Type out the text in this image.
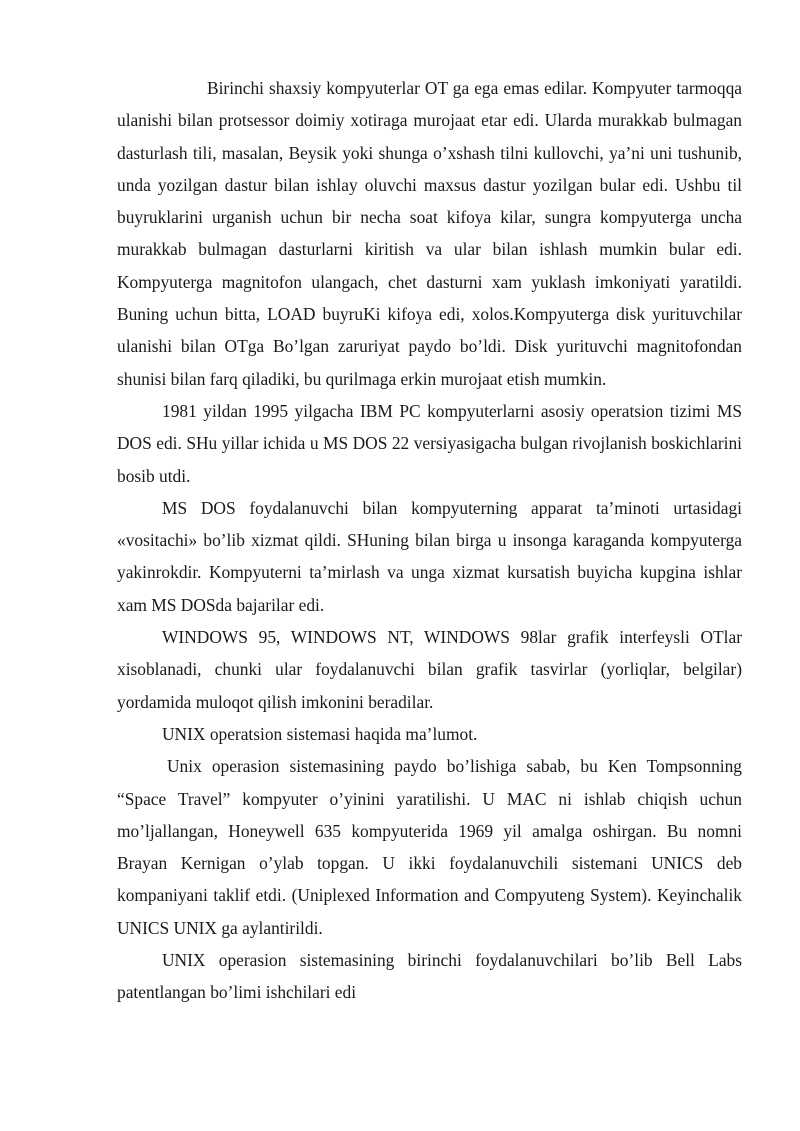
Birinchi shaxsiy kompyuterlar OT ga ega emas edilar. Kompyuter tarmoqqa ulanishi bilan protsessor doimiy xotiraga murojaat etar edi. Ularda murakkab bulmagan dasturlash tili, masalan, Beysik yoki shunga o’xshash tilni kullovchi, ya’ni uni tushunib, unda yozilgan dastur bilan ishlay oluvchi maxsus dastur yozilgan bular edi. Ushbu til buyruklarini urganish uchun bir necha soat kifoya kilar, sungra kompyuterga uncha murakkab bulmagan dasturlarni kiritish va ular bilan ishlash mumkin bular edi. Kompyuterga magnitofon ulangach, chet dasturni xam yuklash imkoniyati yaratildi. Buning uchun bitta, LOAD buyruKi kifoya edi, xolos.Kompyuterga disk yurituvchilar ulanishi bilan OTga Bo’lgan zaruriyat paydo bo’ldi. Disk yurituvchi magnitofondan shunisi bilan farq qiladiki, bu qurilmaga erkin murojaat etish mumkin.

1981 yildan 1995 yilgacha IBM PC kompyuterlarni asosiy operatsion tizimi MS DOS edi. SHu yillar ichida u MS DOS 22 versiyasigacha bulgan rivojlanish boskichlarini bosib utdi.

MS DOS foydalanuvchi bilan kompyuterning apparat ta’minoti urtasidagi «vositachi» bo’lib xizmat qildi. SHuning bilan birga u insonga karaganda kompyuterga yakinrokdir. Kompyuterni ta’mirlash va unga xizmat kursatish buyicha kupgina ishlar xam MS DOSda bajarilar edi.

WINDOWS 95, WINDOWS NT, WINDOWS 98lar grafik interfeysli OTlar xisoblanadi, chunki ular foydalanuvchi bilan grafik tasvirlar (yorliqlar, belgilar) yordamida muloqot qilish imkonini beradilar.

UNIX operatsion sistemasi haqida ma’lumot.

Unix operasion sistemasining paydo bo’lishiga sabab, bu Ken Tompsonning “Space Travel” kompyuter o’yinini yaratilishi. U MAC ni ishlab chiqish uchun mo’ljallangan, Honeywell 635 kompyuterida 1969 yil amalga oshirgan. Bu nomni Brayan Kernigan o’ylab topgan. U ikki foydalanuvchili sistemani UNICS deb kompaniyani taklif etdi. (Uniplexed Information and Compyuteng System). Keyinchalik UNICS UNIX ga aylantirildi.

UNIX operasion sistemasining birinchi foydalanuvchilari bo’lib Bell Labs patentlangan bo’limi ishchilari edi
